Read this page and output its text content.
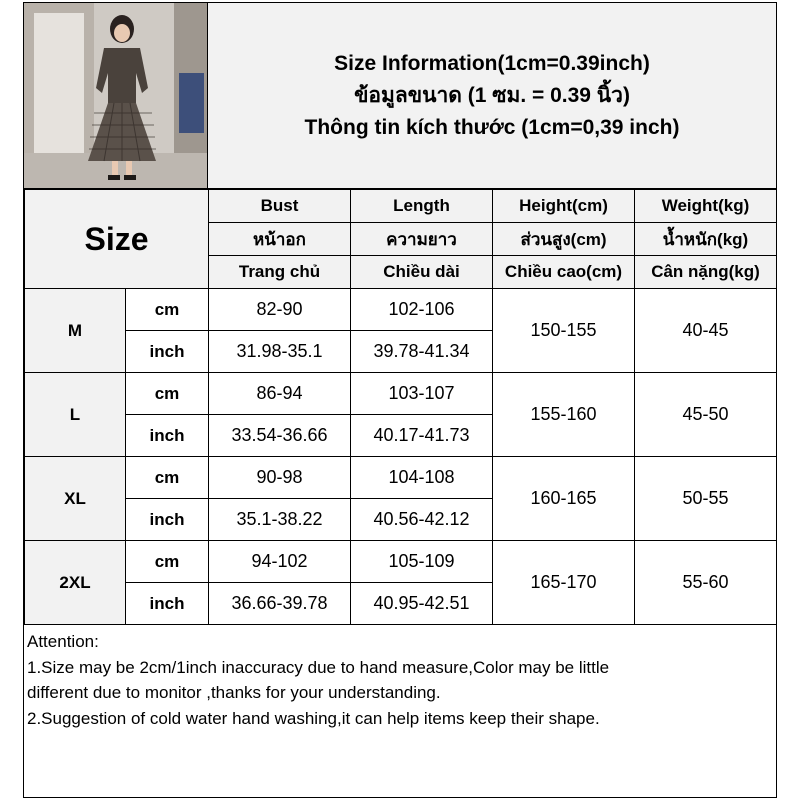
Size Information(1cm=0.39inch)
ข้อมูลขนาด (1 ซม. = 0.39 นิ้ว)
Thông tin kích thước (1cm=0,39 inch)
Size		Bust	Length	Height(cm)	Weight(kg)
		หน้าอก	ความยาว	ส่วนสูง(cm)	น้ำหนัก(kg)
		Trang chủ	Chiều dài	Chiều cao(cm)	Cân nặng(kg)
M	cm	82-90	102-106	150-155	40-45
	inch	31.98-35.1	39.78-41.34		
L	cm	86-94	103-107	155-160	45-50
	inch	33.54-36.66	40.17-41.73		
XL	cm	90-98	104-108	160-165	50-55
	inch	35.1-38.22	40.56-42.12		
2XL	cm	94-102	105-109	165-170	55-60
	inch	36.66-39.78	40.95-42.51		
Attention:
1.Size may be 2cm/1inch inaccuracy due to hand measure,Color may be little
different due to monitor ,thanks for your understanding.
2.Suggestion of cold water hand washing,it can help items keep their shape.
